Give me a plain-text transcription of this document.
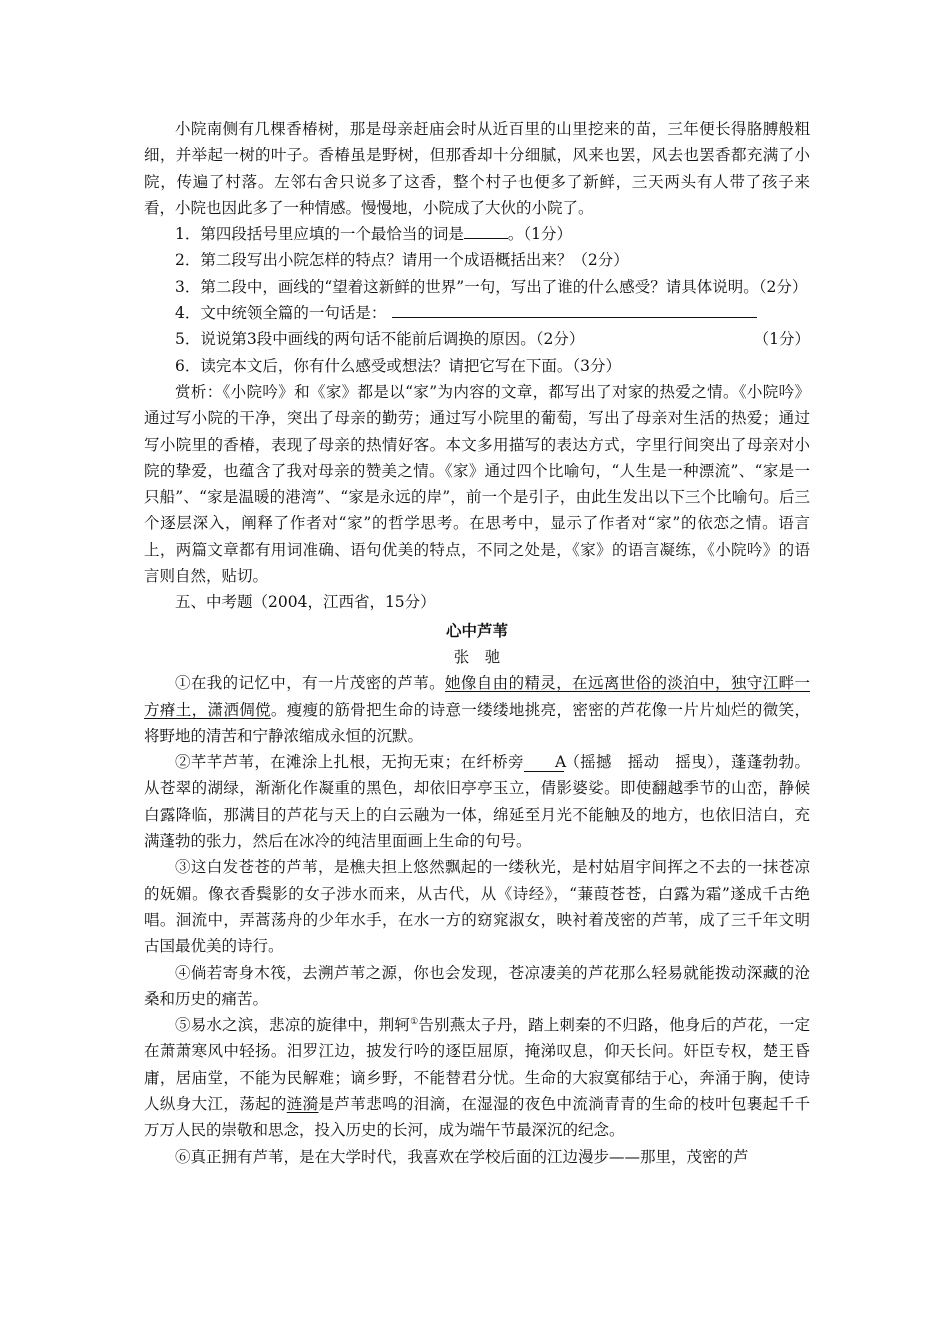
小院南侧有几棵香椿树，那是母亲赶庙会时从近百里的山里挖来的苗，三年便长得胳膊般粗细，并举起一树的叶子。香椿虽是野树，但那香却十分细腻，风来也罢，风去也罢香都充满了小院，传遍了村落。左邻右舍只说多了这香，整个村子也便多了新鲜，三天两头有人带了孩子来看，小院也因此多了一种情感。慢慢地，小院成了大伙的小院了。

1．第四段括号里应填的一个最恰当的词是	。（1分）

2．第二段写出小院怎样的特点？请用一个成语概括出来？（2分）

3．第二段中，画线的“望着这新鲜的世界”一句，写出了谁的什么感受？请具体说明。（2分）

4．文中统领全篇的一句话是：
（1分）

5．说说第3段中画线的两句话不能前后调换的原因。（2分）

6．读完本文后，你有什么感受或想法？请把它写在下面。（3分）

赏析：《小院吟》和《家》都是以“家”为内容的文章，都写出了对家的热爱之情。《小院吟》通过写小院的干净，突出了母亲的勤劳；通过写小院里的葡萄，写出了母亲对生活的热爱；通过写小院里的香椿，表现了母亲的热情好客。本文多用描写的表达方式，字里行间突出了母亲对小院的挚爱，也蕴含了我对母亲的赞美之情。《家》通过四个比喻句，“人生是一种漂流”、“家是一只船”、“家是温暖的港湾”、“家是永远的岸”，前一个是引子，由此生发出以下三个比喻句。后三个逐层深入，阐释了作者对“家”的哲学思考。在思考中，显示了作者对“家”的依恋之情。语言上，两篇文章都有用词准确、语句优美的特点，不同之处是，《家》的语言凝练，《小院吟》的语言则自然，贴切。

五、中考题（2004，江西省，15分）

心中芦苇

张　驰

①在我的记忆中，有一片茂密的芦苇。她像自由的精灵，在远离世俗的淡泊中，独守江畔一方瘠土，潇洒倜傥。瘦瘦的筋骨把生命的诗意一缕缕地挑亮，密密的芦花像一片片灿烂的微笑，将野地的清苦和宁静浓缩成永恒的沉默。

②芊芊芦苇，在滩涂上扎根，无拘无束；在纤桥旁 A（摇撼　摇动　摇曳），蓬蓬勃勃。从苍翠的湖绿，渐渐化作凝重的黑色，却依旧亭亭玉立，倩影婆娑。即使翻越季节的山峦，静候白露降临，那满目的芦花与天上的白云融为一体，绵延至月光不能触及的地方，也依旧洁白，充满蓬勃的张力，然后在冰冷的纯洁里面画上生命的句号。

③这白发苍苍的芦苇，是樵夫担上悠然飘起的一缕秋光，是村姑眉宇间挥之不去的一抹苍凉的妩媚。像衣香鬓影的女子涉水而来，从古代，从《诗经》，“蒹葭苍苍，白露为霜”遂成千古绝唱。洄流中，弄蒿荡舟的少年水手，在水一方的窈窕淑女，映衬着茂密的芦苇，成了三千年文明古国最优美的诗行。

④倘若寄身木筏，去溯芦苇之源，你也会发现，苍凉凄美的芦花那么轻易就能拨动深藏的沧桑和历史的痛苦。

⑤易水之滨，悲凉的旋律中，荆轲①告别燕太子丹，踏上刺秦的不归路，他身后的芦花，一定在萧萧寒风中轻扬。汨罗江边，披发行吟的逐臣屈原，掩涕叹息，仰天长问。奸臣专权，楚王昏庸，居庙堂，不能为民解难；谪乡野，不能替君分忧。生命的大寂寞郁结于心，奔涌于胸，使诗人纵身大江，荡起的涟漪是芦苇悲鸣的泪滴，在湿湿的夜色中流淌青青的生命的枝叶包裹起千千万万人民的崇敬和思念，投入历史的长河，成为端午节最深沉的纪念。

⑥真正拥有芦苇，是在大学时代，我喜欢在学校后面的江边漫步——那里，茂密的芦
